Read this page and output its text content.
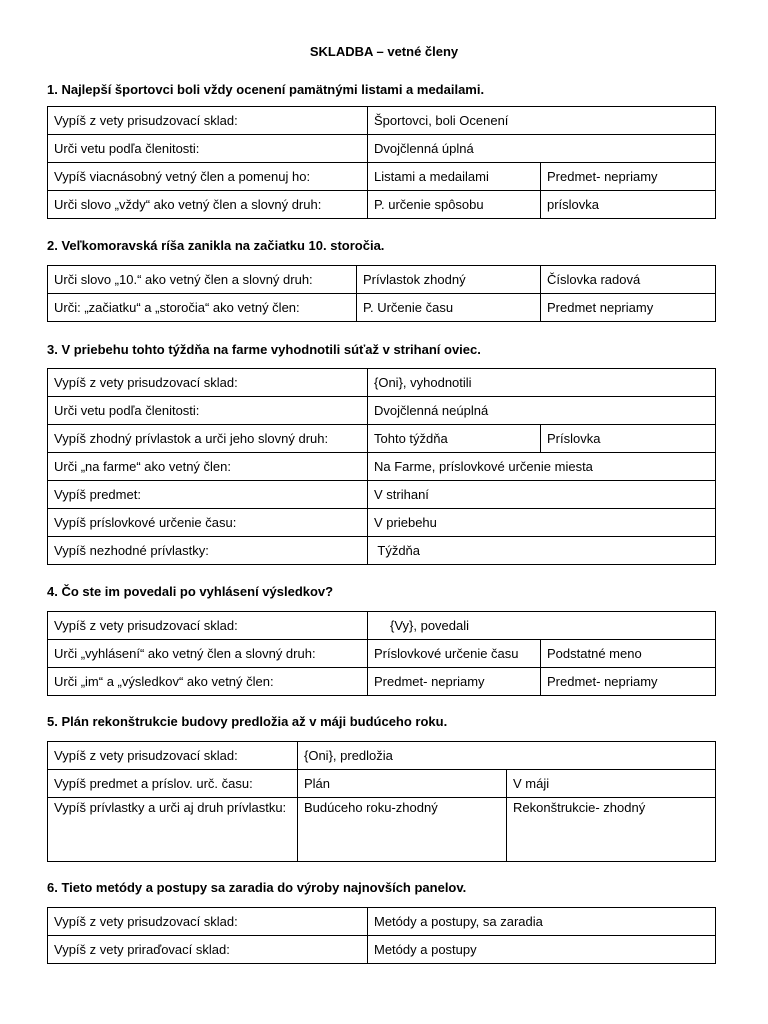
SKLADBA – vetné členy
1. Najlepší športovci boli vždy ocenení pamätnými listami a medailami.
Vypíš z vety prisudzovací sklad:	Športovci, boli Ocenení	
Urči vetu podľa členitosti:	Dvojčlenná úplná	
Vypíš viacnásobný vetný člen a pomenuj ho:	Listami a medailami	Predmet- nepriamy
Urči slovo „vždy“ ako vetný člen a slovný druh:	P. určenie spôsobu	príslovka
2. Veľkomoravská ríša zanikla na začiatku 10. storočia.
Urči slovo „10.“ ako vetný člen a slovný druh:	Prívlastok zhodný	Číslovka radová
Urči: „začiatku“ a „storočia“ ako vetný člen:	P. Určenie času	Predmet nepriamy
3. V priebehu tohto týždňa na farme vyhodnotili súťaž v strihaní oviec.
Vypíš z vety prisudzovací sklad:	{Oni}, vyhodnotili	
Urči vetu podľa členitosti:	Dvojčlenná neúplná	
Vypíš zhodný prívlastok a urči jeho slovný druh:	Tohto týždňa	Príslovka
Urči „na farme“ ako vetný člen:	Na Farme, príslovkové určenie miesta	
Vypíš predmet:	V strihaní	
Vypíš príslovkové určenie času:	V priebehu	
Vypíš nezhodné prívlastky:	Týždňa	
4. Čo ste im povedali po vyhlásení výsledkov?
Vypíš z vety prisudzovací sklad:	{Vy}, povedali	
Urči „vyhlásení“ ako vetný člen a slovný druh:	Príslovkové určenie času	Podstatné meno
Urči „im“ a „výsledkov“ ako vetný člen:	Predmet- nepriamy	Predmet- nepriamy
5. Plán rekonštrukcie budovy predložia až v máji budúceho roku.
Vypíš z vety prisudzovací sklad:	{Oni}, predložia	
Vypíš predmet a príslov. urč. času:	Plán	V máji
Vypíš prívlastky a urči aj druh prívlastku:	Budúceho roku-zhodný	Rekonštrukcie- zhodný
6. Tieto metódy a postupy sa zaradia do výroby najnovších panelov.
Vypíš z vety prisudzovací sklad:	Metódy a postupy, sa zaradia
Vypíš z vety priraďovací sklad:	Metódy a postupy
